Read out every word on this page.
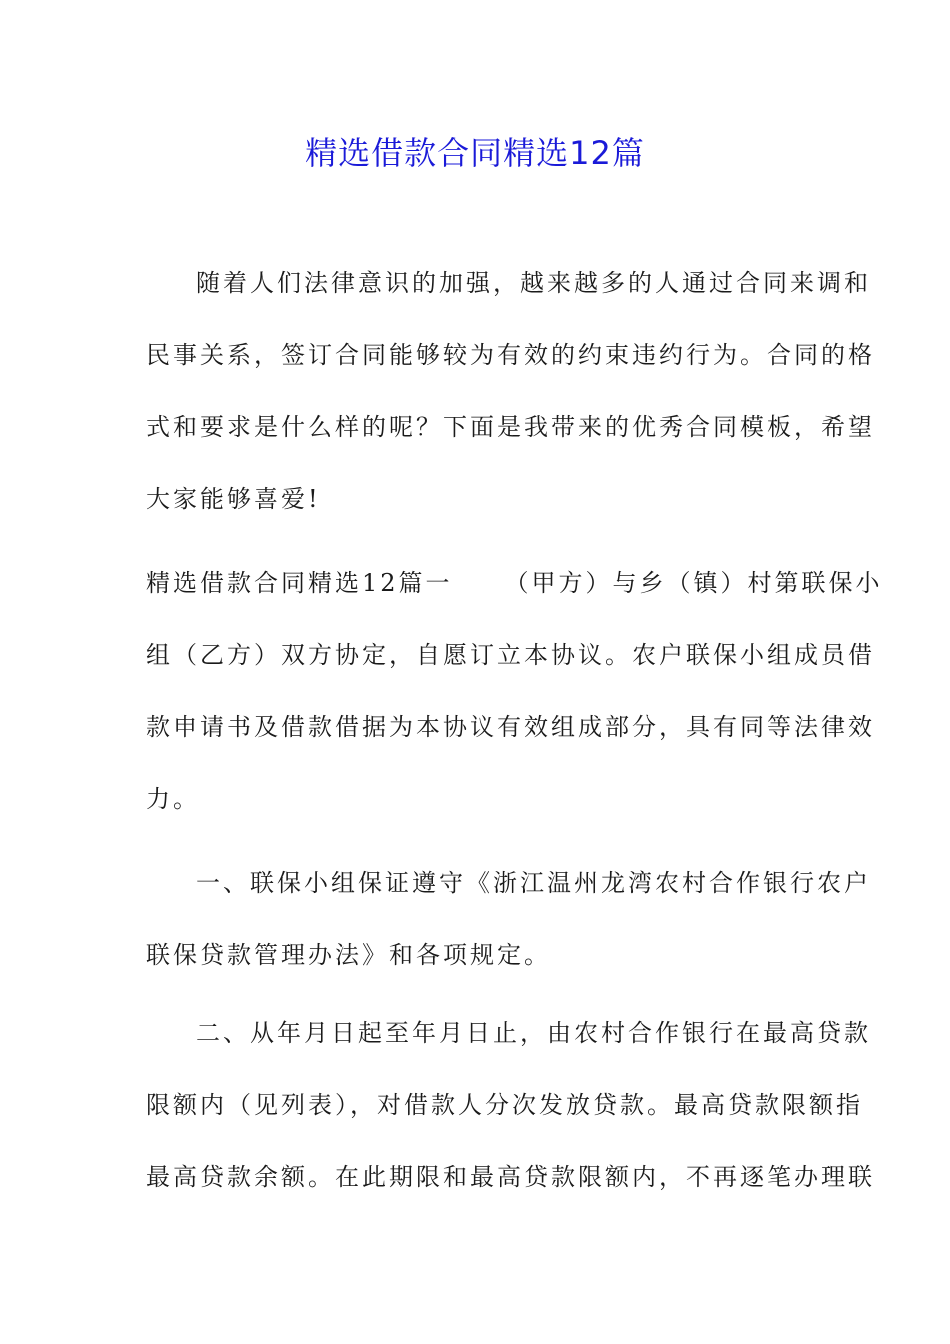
精选借款合同精选12篇
随着人们法律意识的加强，越来越多的人通过合同来调和
民事关系，签订合同能够较为有效的约束违约行为。合同的格
式和要求是什么样的呢？下面是我带来的优秀合同模板，希望
大家能够喜爱!
精选借款合同精选12篇一 （甲方）与乡（镇）村第联保小
组（乙方）双方协定，自愿订立本协议。农户联保小组成员借
款申请书及借款借据为本协议有效组成部分，具有同等法律效
力。
一、联保小组保证遵守《浙江温州龙湾农村合作银行农户
联保贷款管理办法》和各项规定。
二、从年月日起至年月日止，由农村合作银行在最高贷款
限额内（见列表），对借款人分次发放贷款。最高贷款限额指
最高贷款余额。在此期限和最高贷款限额内，不再逐笔办理联
